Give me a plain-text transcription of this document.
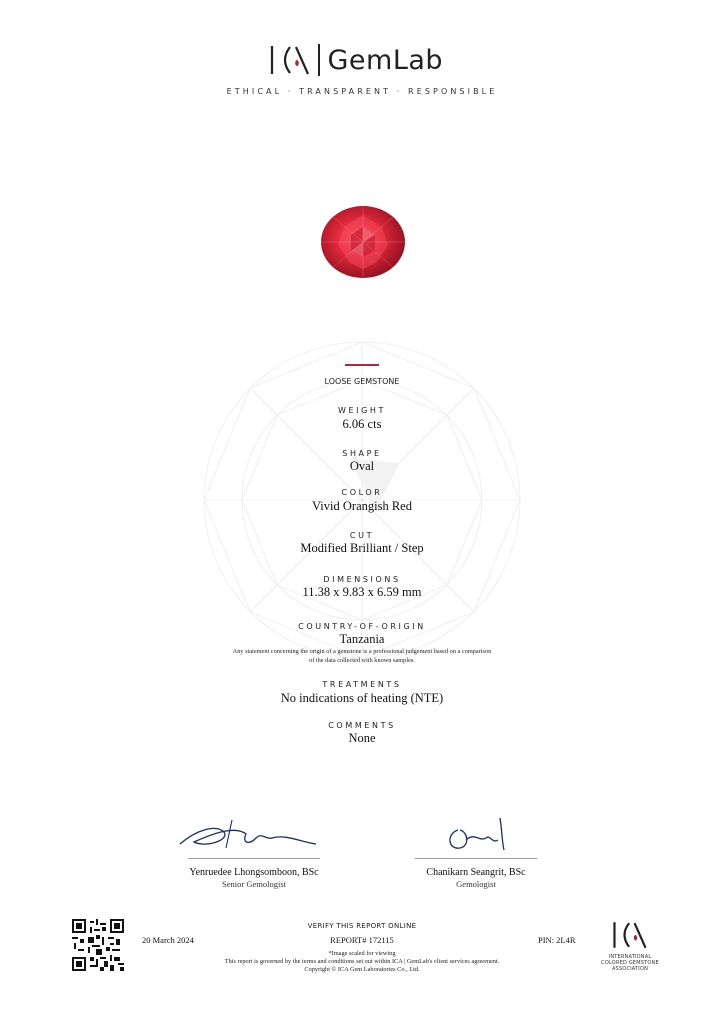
GemLab
ETHICAL · TRANSPARENT · RESPONSIBLE
LOOSE GEMSTONE
WEIGHT
6.06 cts
SHAPE
Oval
COLOR
Vivid Orangish Red
CUT
Modified Brilliant / Step
DIMENSIONS
11.38 x 9.83 x 6.59 mm
COUNTRY-OF-ORIGIN
Tanzania
Any statement concerning the origin of a gemstone is a professional judgement based on a comparison
of the data collected with known samples.
TREATMENTS
No indications of heating (NTE)
COMMENTS
None
Yenruedee Lhongsomboon, BSc
Senior Gemologist
Chanikarn Seangrit, BSc
Gemologist
20 March 2024
VERIFY THIS REPORT ONLINE
REPORT# 172115	PIN: 2L4R
*Image scaled for viewing
This report is governed by the terms and conditions set out within ICA | GemLab's client services agreement.
Copyright © ICA Gem Laboratories Co., Ltd.
INTERNATIONAL
COLORED GEMSTONE
ASSOCIATION
